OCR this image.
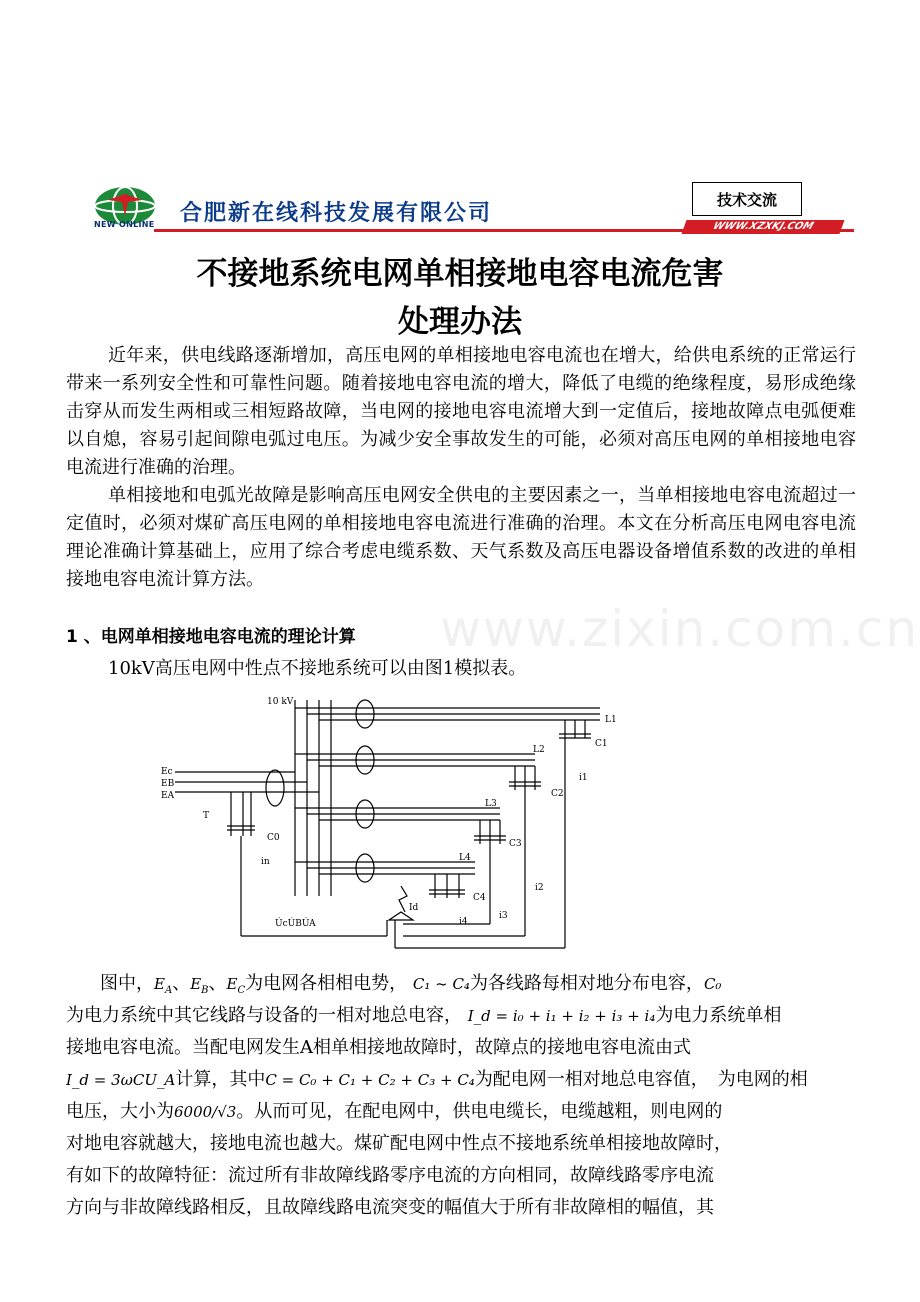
NEW ONLINE 合肥新在线科技发展有限公司
技术交流
WWW.XZXKJ.COM
不接地系统电网单相接地电容电流危害
处理办法

近年来，供电线路逐渐增加，高压电网的单相接地电容电流也在增大，给供电系统的正常运行带来一系列安全性和可靠性问题。随着接地电容电流的增大，降低了电缆的绝缘程度，易形成绝缘击穿从而发生两相或三相短路故障，当电网的接地电容电流增大到一定值后，接地故障点电弧便难以自熄，容易引起间隙电弧过电压。为减少安全事故发生的可能，必须对高压电网的单相接地电容电流进行准确的治理。

单相接地和电弧光故障是影响高压电网安全供电的主要因素之一，当单相接地电容电流超过一定值时，必须对煤矿高压电网的单相接地电容电流进行准确的治理。本文在分析高压电网电容电流理论准确计算基础上，应用了综合考虑电缆系数、天气系数及高压电器设备增值系数的改进的单相接地电容电流计算方法。

www.zixin.com.cn
1 、电网单相接地电容电流的理论计算
10kV高压电网中性点不接地系统可以由图1模拟表。
10 kV
L1
C1
L2
C2
L3
C3
L4
C4
C0
T
Ec
EB
EA
i1
i2
i3
i4
in
Id
ÚcÚBÚA
图中，$E_A$、$E_B$、$E_C$为电网各相相电势， C₁ ~ C₄为各线路每相对地分布电容，C₀
为电力系统中其它线路与设备的一相对地总电容， I_d = i₀ + i₁ + i₂ + i₃ + i₄为电力系统单相
接地电容电流。当配电网发生A相单相接地故障时，故障点的接地电容电流由式
I_d = 3ωCU_A计算，其中C = C₀ + C₁ + C₂ + C₃ + C₄为配电网一相对地总电容值，　为电网的相
电压，大小为6000/√3。从而可见，在配电网中，供电电缆长，电缆越粗，则电网的
对地电容就越大，接地电流也越大。煤矿配电网中性点不接地系统单相接地故障时，
有如下的故障特征：流过所有非故障线路零序电流的方向相同，故障线路零序电流
方向与非故障线路相反，且故障线路电流突变的幅值大于所有非故障相的幅值，其
